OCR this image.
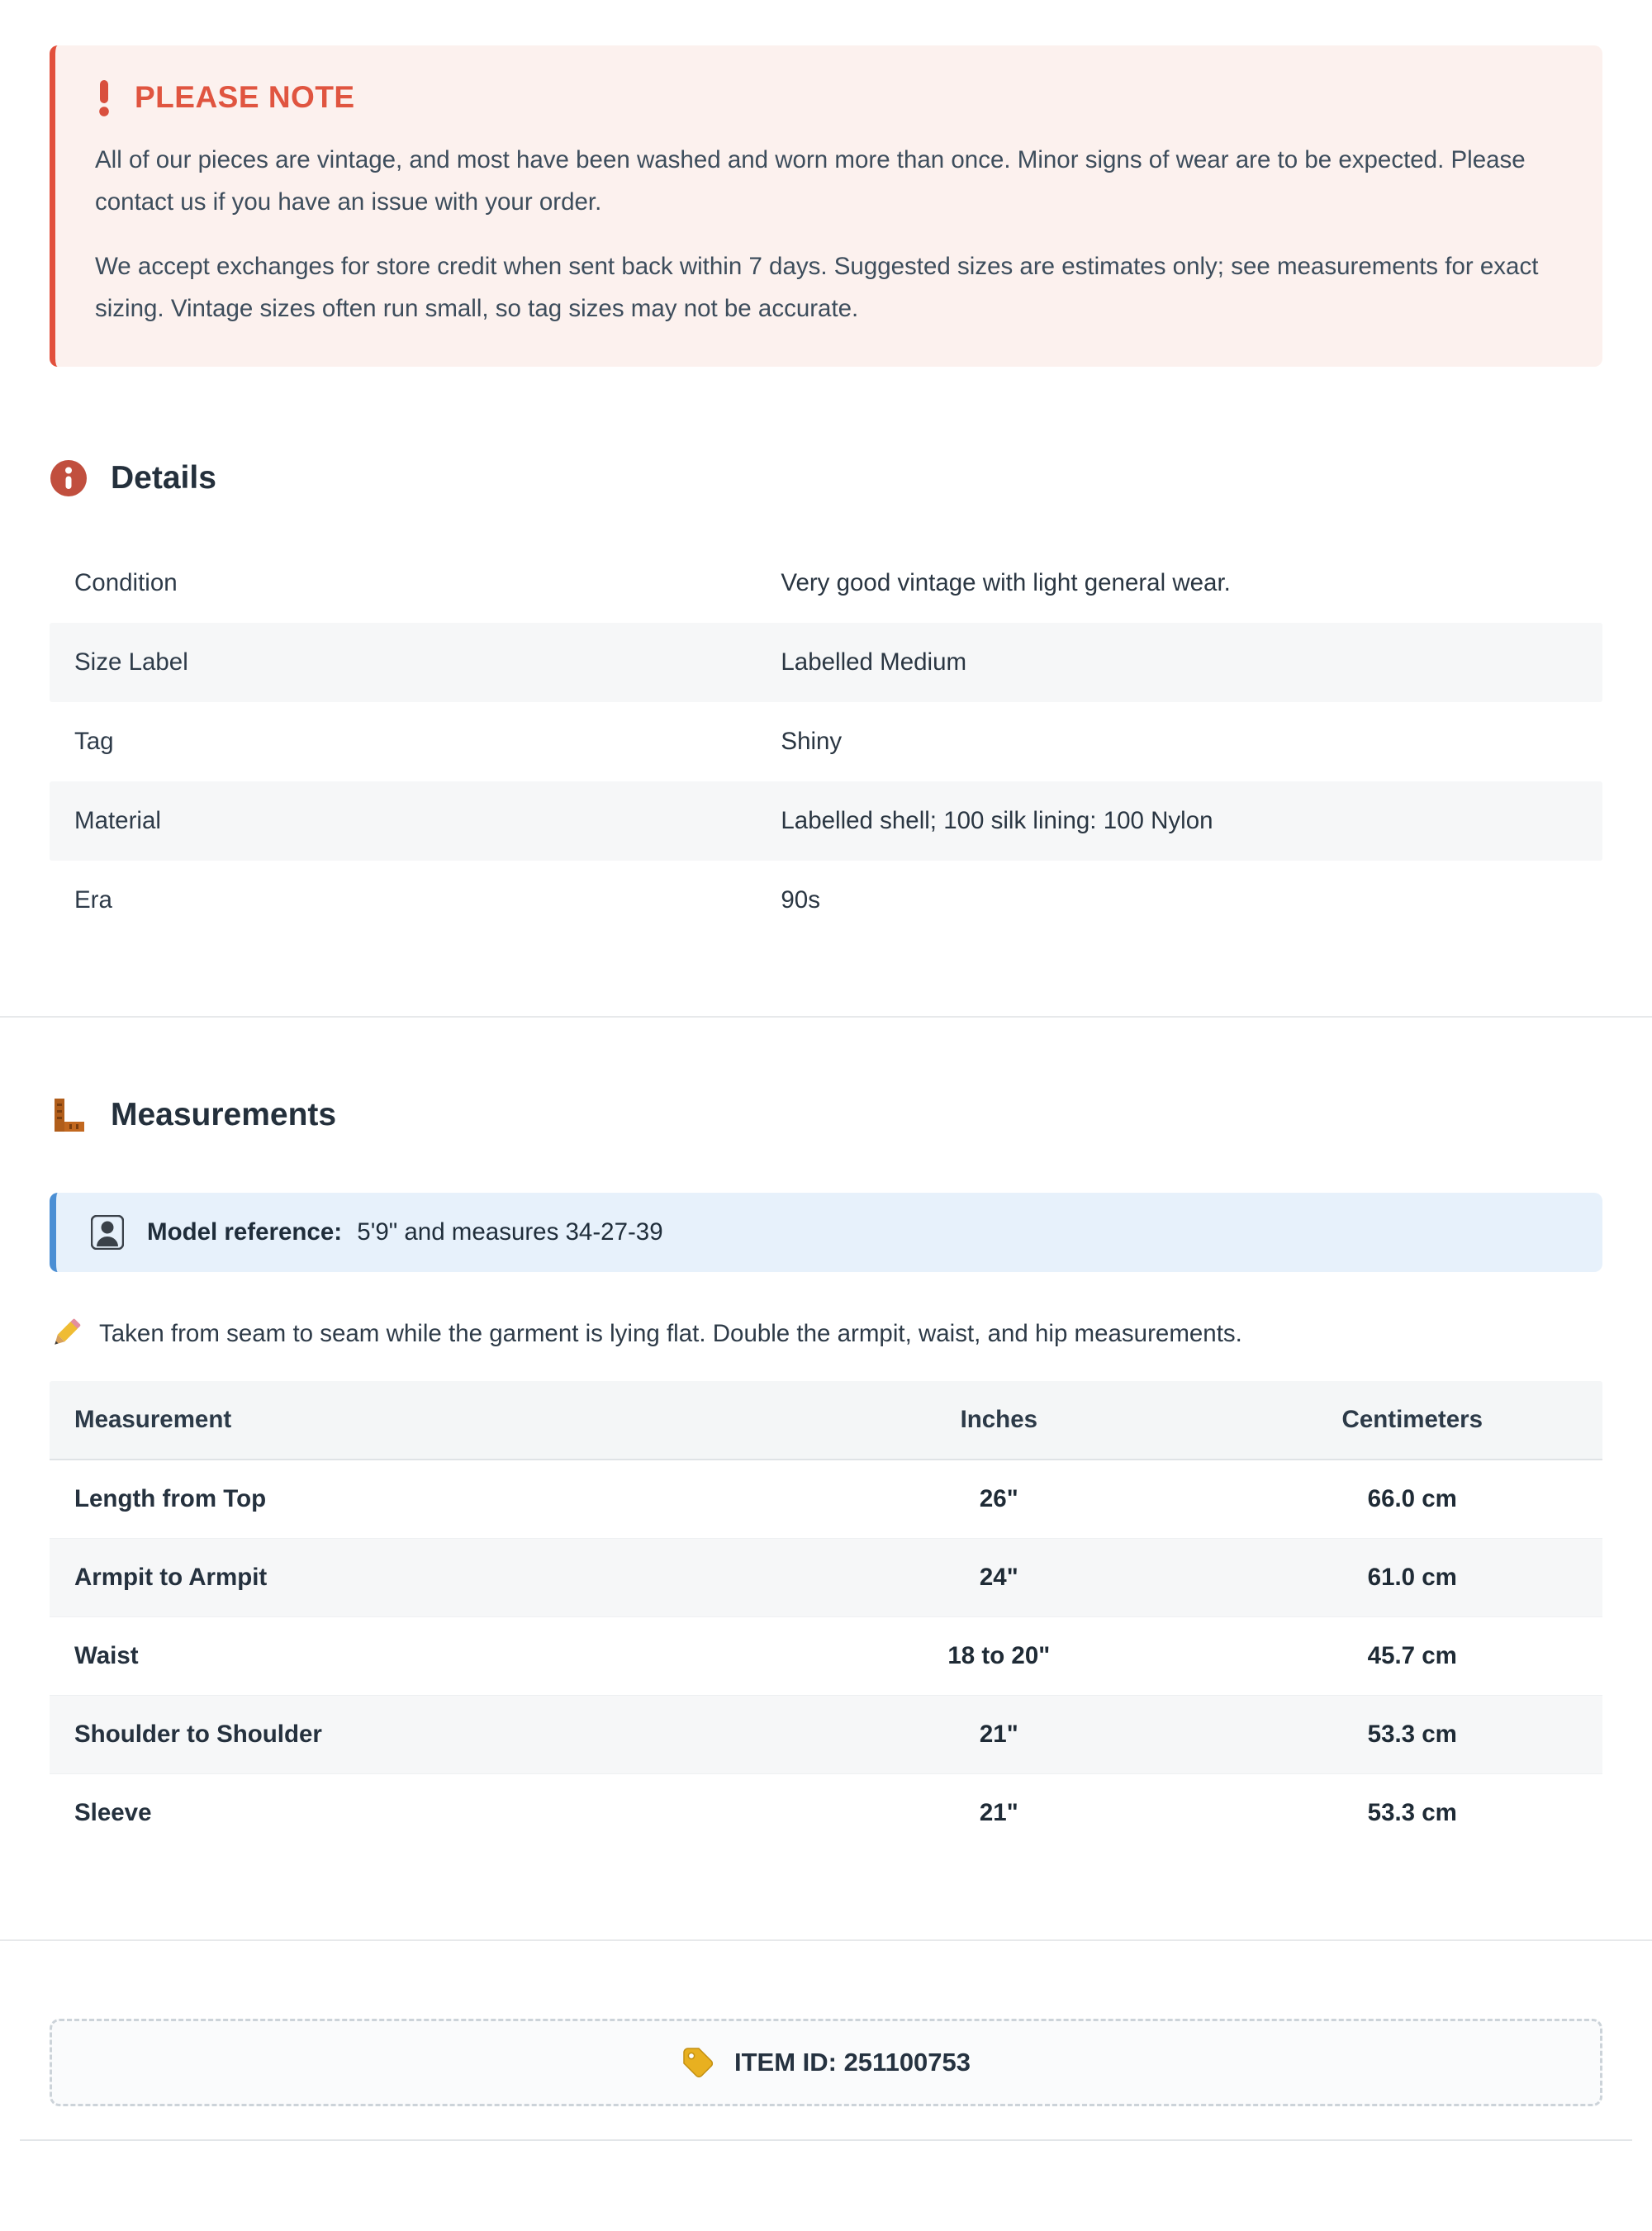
PLEASE NOTE

All of our pieces are vintage, and most have been washed and worn more than once. Minor signs of wear are to be expected. Please contact us if you have an issue with your order.

We accept exchanges for store credit when sent back within 7 days. Suggested sizes are estimates only; see measurements for exact sizing. Vintage sizes often run small, so tag sizes may not be accurate.

Details
Condition	Very good vintage with light general wear.
Size Label	Labelled Medium
Tag	Shiny
Material	Labelled shell; 100 silk lining: 100 Nylon
Era	90s
Measurements

Model reference: 5'9" and measures 34-27-39

Taken from seam to seam while the garment is lying flat. Double the armpit, waist, and hip measurements.
Measurement	Inches	Centimeters
Length from Top	26"	66.0 cm
Armpit to Armpit	24"	61.0 cm
Waist	18 to 20"	45.7 cm
Shoulder to Shoulder	21"	53.3 cm
Sleeve	21"	53.3 cm
ITEM ID: 251100753
